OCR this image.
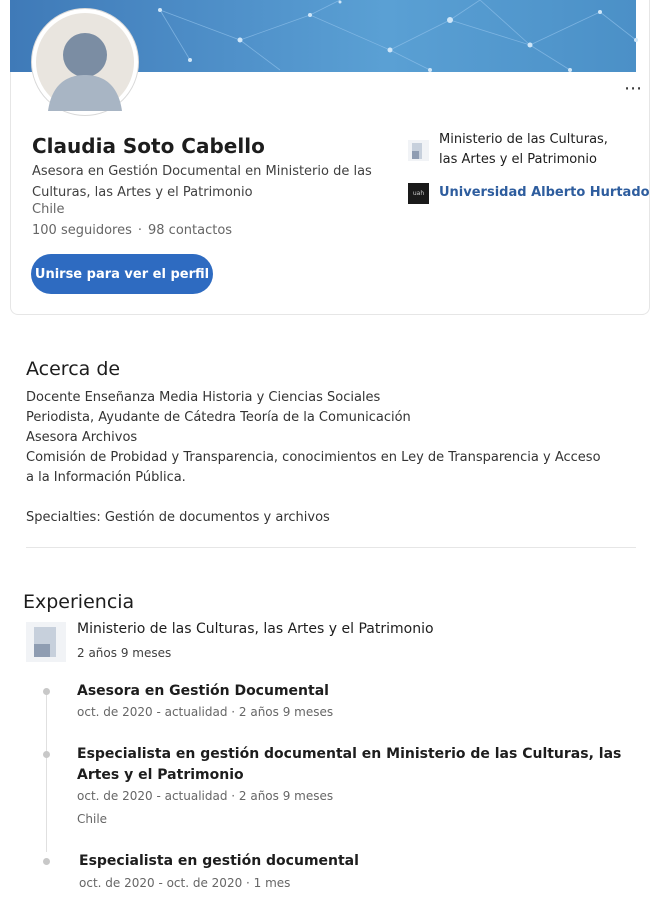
⋯
Claudia Soto Cabello
Asesora en Gestión Documental en Ministerio de las Culturas, las Artes y el Patrimonio
Chile
100 seguidores · 98 contactos
Unirse para ver el perfil
Ministerio de las Culturas, las Artes y el Patrimonio
uah	Universidad Alberto Hurtado
Acerca de
Docente Enseñanza Media Historia y Ciencias Sociales
Periodista, Ayudante de Cátedra Teoría de la Comunicación
Asesora Archivos
Comisión de Probidad y Transparencia, conocimientos en Ley de Transparencia y Acceso a la Información Pública.
Specialties: Gestión de documentos y archivos
Experiencia
Ministerio de las Culturas, las Artes y el Patrimonio
2 años 9 meses
Asesora en Gestión Documental
oct. de 2020 - actualidad · 2 años 9 meses
Especialista en gestión documental en Ministerio de las Culturas, las Artes y el Patrimonio
oct. de 2020 - actualidad · 2 años 9 meses
Chile
Especialista en gestión documental
oct. de 2020 - oct. de 2020 · 1 mes
